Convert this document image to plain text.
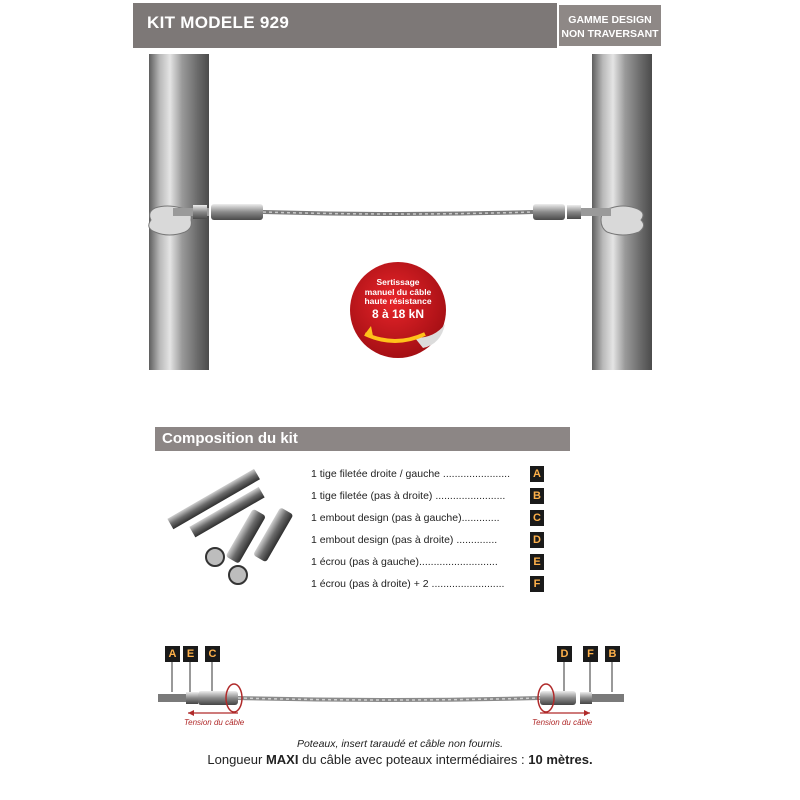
KIT MODELE 929	GAMME DESIGN
NON TRAVERSANT
Sertissage
manuel du câble
haute résistance
8 à 18 kN
Composition du kit
1 tige filetée droite / gauche ....................... A
1 tige filetée (pas à droite) ........................	B
1 embout design (pas à gauche).............	C
1 embout design (pas à droite) ..............	D
1 écrou (pas à gauche)...........................	E
1 écrou (pas à droite) + 2 .........................	F
A E	C	D	F	B
Tension du câble	Tension du câble
Poteaux, insert taraudé et câble non fournis.
Longueur MAXI du câble avec poteaux intermédiaires : 10 mètres.
